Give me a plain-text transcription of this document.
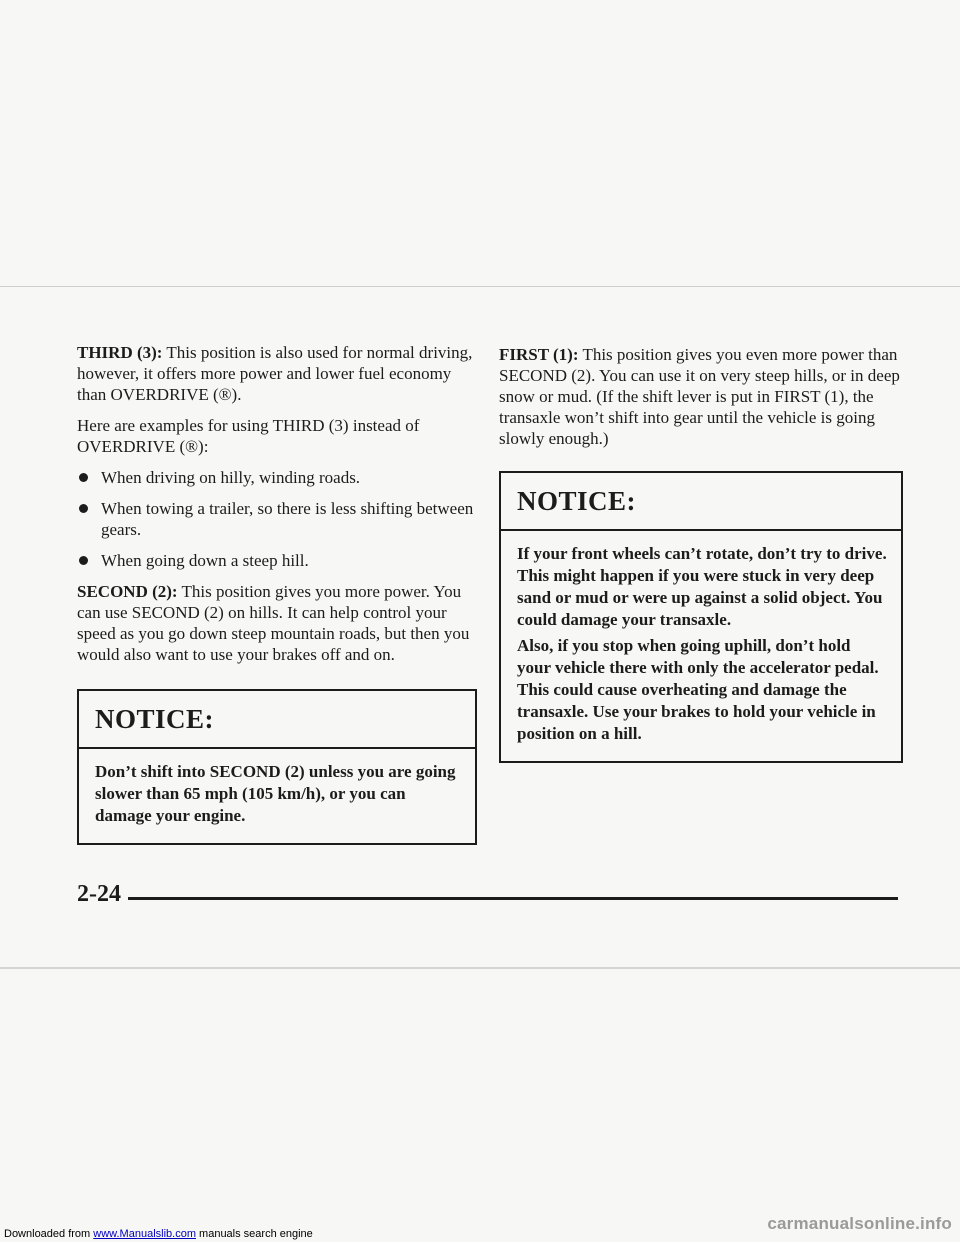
THIRD (3): This position is also used for normal driving, however, it offers more power and lower fuel economy than OVERDRIVE (®).

Here are examples for using THIRD (3) instead of OVERDRIVE (®):

When driving on hilly, winding roads.
When towing a trailer, so there is less shifting between gears.
When going down a steep hill.

SECOND (2): This position gives you more power. You can use SECOND (2) on hills. It can help control your speed as you go down steep mountain roads, but then you would also want to use your brakes off and on.

NOTICE:

Don’t shift into SECOND (2) unless you are going slower than 65 mph (105 km/h), or you can damage your engine.

FIRST (1): This position gives you even more power than SECOND (2). You can use it on very steep hills, or in deep snow or mud. (If the shift lever is put in FIRST (1), the transaxle won’t shift into gear until the vehicle is going slowly enough.)

NOTICE:

If your front wheels can’t rotate, don’t try to drive. This might happen if you were stuck in very deep sand or mud or were up against a solid object. You could damage your transaxle.

Also, if you stop when going uphill, don’t hold your vehicle there with only the accelerator pedal. This could cause overheating and damage the transaxle. Use your brakes to hold your vehicle in position on a hill.

2-24
carmanualsonline.info
Downloaded from www.Manualslib.com manuals search engine
